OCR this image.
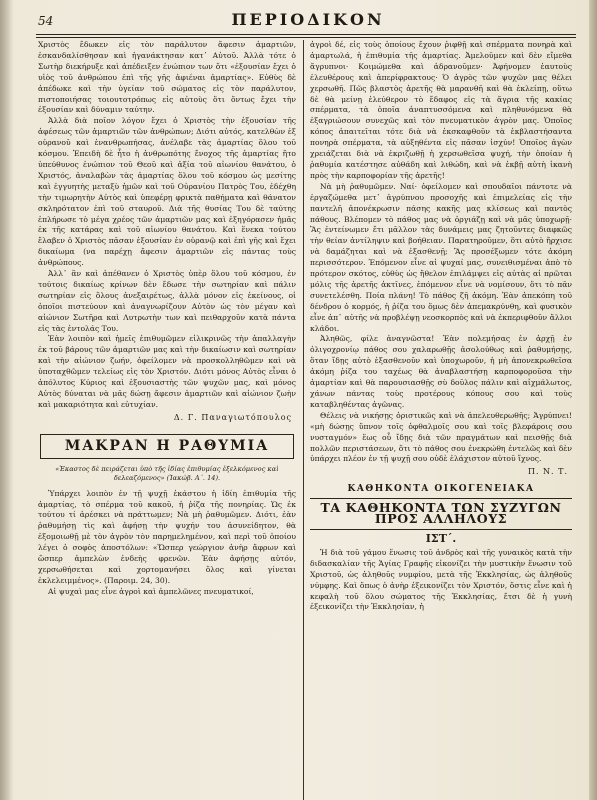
54	ΠΕΡΙΟΔΙΚΟΝ

Χριστὸς ἔδωκεν εἰς τὸν παράλυτον ἄφεσιν ἁμαρτιῶν, ἐσκανδαλίσθησαν καὶ ἠγανάκτησαν κατ᾽ Αὐτοῦ. Ἀλλὰ τότε ὁ Σωτὴρ διεκήρυξε καὶ ἀπέδειξεν ἐνώπιον των ὅτι «ἐξουσίαν ἔχει ὁ υἱὸς τοῦ ἀνθρώπου ἐπὶ τῆς γῆς ἀφιέναι ἁμαρτίας». Εὐθὺς δὲ ἀπέδωκε καὶ τὴν ὑγείαν τοῦ σώματος εἰς τὸν παράλυτον, πιστοποιήσας τοιουτοτρόπως εἰς αὐτοὺς ὅτι ὄντως ἔχει τὴν ἐξουσίαν καὶ δύναμιν ταύτην.

Ἀλλὰ διὰ ποῖον λόγον ἔχει ὁ Χριστὸς τὴν ἐξουσίαν τῆς ἀφέσεως τῶν ἁμαρτιῶν τῶν ἀνθρώπων; Διότι αὐτός, κατελθὼν ἐξ οὐρανοῦ καὶ ἐνανθρωπήσας, ἀνέλαβε τὰς ἁμαρτίας ὅλου τοῦ κόσμου. Ἐπειδὴ δὲ ἦτο ἡ ἀνθρωπότης ἔνοχος τῆς ἁμαρτίας ἥτο ὑπεύθυνος ἐνώπιον τοῦ Θεοῦ καὶ ἀξία τοῦ αἰωνίου θανάτου, ὁ Χριστός, ἀναλαβὼν τὰς ἁμαρτίας ὅλου τοῦ κόσμου ὡς μεσίτης καὶ ἐγγυητὴς μεταξὺ ἡμῶν καὶ τοῦ Οὐρανίου Πατρὸς Του, ἐδέχθη τὴν τιμωρητὴν Αὐτὸς καὶ ὑπεφέρῃ φρικτὰ παθήματα καὶ θάνατον σκληρότατον ἐπὶ τοῦ σταυροῦ. Διὰ τῆς θυσίας Του δὲ ταύτης ἐπλήρωσε τὸ μέγα χρέος τῶν ἁμαρτιῶν μας καὶ ἐξηγόρασεν ἡμᾶς ἐκ τῆς κατάρας καὶ τοῦ αἰωνίου θανάτου. Καὶ ἕνεκα τούτου ἔλαβεν ὁ Χριστὸς πᾶσαν ἐξουσίαν ἐν οὐρανῷ καὶ ἐπὶ γῆς καὶ ἔχει δικαίωμα (να παρέχῃ ἄφεσιν ἁμαρτιῶν εἰς πάντας τοὺς ἀνθρώπους.

Ἀλλ᾽ ἂν καὶ ἀπέθανεν ὁ Χριστὸς ὑπὲρ ὅλου τοῦ κόσμου, ἐν τούτοις δικαίως κρίνων δὲν ἔδωσε τὴν σωτηρίαν καὶ πάλιν σωτηρίαν εἰς ὅλους ἀνεξαιρέτως, ἀλλὰ μόνον εἰς ἐκείνους, οἱ ὁποῖοι πιστεύουν καὶ ἀναγνωρίζουν Αὐτὸν ὡς τὸν μέγαν καὶ αἰώνιον Σωτῆρα καὶ Λυτρωτὴν των καὶ πειθαρχοῦν κατὰ πάντα εἰς τὰς ἐντολάς Του.

Ἐὰν λοιπὸν καὶ ἡμεῖς ἐπιθυμῶμεν εἰλικρινῶς τὴν ἀπαλλαγὴν ἐκ τοῦ βάρους τῶν ἁμαρτιῶν μας καὶ τὴν δικαίωσιν καὶ σωτηρίαν καὶ τὴν αἰώνιον ζωήν, ὀφείλομεν νὰ προσκολληθῶμεν καὶ νὰ ὑποταχθῶμεν τελείως εἰς τὸν Χριστόν. Διότι μόνος Αὐτὸς εἶναι ὁ ἀπόλυτος Κύριος καὶ ἐξουσιαστὴς τῶν ψυχῶν μας, καὶ μόνος Αὐτὸς δύναται νὰ μᾶς δώσῃ ἄφεσιν ἁμαρτιῶν καὶ αἰώνιον ζωὴν καὶ μακαριότητα καὶ εὐτυχίαν.

Δ. Γ. Παναγιωτόπουλος
ΜΑΚΡΑΝ Η ΡΑΘΥΜΙΑ
«Ἐκαστος δὲ πειράζεται ὑπὸ τῆς ἰδίας ἐπιθυμίας ἐξελκόμενος καὶ δελεαζόμενος» (Ἰακώβ. Α΄. 14).

Ὑπάρχει λοιπὸν ἐν τῇ ψυχῇ ἑκάστου ἡ ἰδίη ἐπιθυμία τῆς ἁμαρτίας, τὸ σπέρμα τοῦ κακοῦ, ἡ ῥίζα τῆς πονηρίας. Ὡς ἐκ τούτου τί ἀρέσκει νὰ πράττωμεν; Νὰ μὴ ῥαθυμῶμεν. Διότι, ἐὰν ῥαθυμήσῃ τὶς καὶ ἀφήσῃ τὴν ψυχήν του ἀσυνείδητον, θὰ ἐξομοιωθῇ μὲ τὸν ἀγρὸν τὸν παρημελημένον, καὶ περὶ τοῦ ὁποίου λέγει ὁ σοφὸς ἀποστόλων: «Ὥσπερ γεώργιον ἀνὴρ ἄφρων καὶ ὥσπερ ἀμπελὼν ἐνδεὴς φρενῶν. Ἐὰν ἀφήσῃς αὐτόν, χερσωθήσεται καὶ χορτομανήσει ὅλος καὶ γίνεται ἐκλελειμμένος». (Παροιμ. 24, 30).

Αἱ ψυχαὶ μας εἶνε ἀγροὶ καὶ ἀμπελῶνες πνευματικοί,

ἀγροὶ δέ, εἰς τοὺς ὁποίους ἔχουν ῥιφθῇ καὶ σπέρματα πονηρὰ καὶ ἁμαρτωλά, ἡ ἐπιθυμία τῆς ἁμαρτίας. Ἀμελοῦμεν καὶ δὲν εἴμεθα ἄγρυπνοι· Κοιμώμεθα καὶ ἀδρανοῦμεν· Ἀφήνομεν ἑαυτοὺς ἐλευθέρους καὶ ἀπερίφρακτους· Ὁ ἀγρὸς τῶν ψυχῶν μας θέλει χερσωθῆ. Πῶς βλαστὸς ἀρετῆς θὰ μαρανθῆ καὶ θὰ ἐκλείπῃ, οὕτω δὲ θὰ μείνῃ ἐλεύθερον τὸ ἔδαφος εἰς τὰ ἄγρια τῆς κακίας σπέρματα, τὰ ὁποῖα ἀναπτυσσόμενα καὶ πληθυνόμενα θὰ ἐξαγριώσουν συνεχῶς καὶ τὸν πνευματικὸν ἀγρὸν μας. Ὁποῖος κόπος ἀπαιτεῖται τότε διὰ νὰ ἐκσκαφθοῦν τὰ ἐκβλαστήσαντα πονηρὰ σπέρματα, τὰ αὐξηθέντα εἰς πᾶσαν ἰσχύν! Ὁποῖος ἀγὼν χρειάζεται διὰ νὰ ἐκριζωθῇ ἡ χερσωθεῖσα ψυχή, τὴν ὁποίαν ἡ ῥαθυμία κατέστησε αὐθάδη καὶ λιθώδη, καὶ νὰ ἐκβῇ αὐτὴ ἱκανὴ πρὸς τὴν καρποφορίαν τῆς ἀρετῆς!

Νὰ μὴ ῥαθυμῶμεν. Ναί· ὀφείλομεν καὶ σπουδαῖοι πάντοτε νὰ ἐργαζώμεθα μετ᾽ ἀγρύπνου προσοχῆς καὶ ἐπιμελείας εἰς τὴν παντελῆ ἀπονέκρωσιν πάσης κακῆς μας κλίσεως καὶ παντὸς πάθους. Βλέπομεν τὸ πάθος μας νὰ ὀργιάζῃ καὶ νὰ μᾶς ὑποχωρῇ· Ἂς ἐντείνωμεν ἔτι μᾶλλον τὰς δυνάμεις μας ζητοῦντες διαφκῶς τὴν θείαν ἀντίληψιν καὶ βοήθειαν. Παρατηροῦμεν, ὅτι αὐτὸ ἤρχισε νὰ δαμάζηται καὶ νὰ ἐξασθενῇ; Ἂς προσέξωμεν τότε ἀκόμη περισσότερον. Ἐπόμενον εἶνε αἱ ψυχαί μας, συνειθισμέναι ἀπὸ τὸ πρότερον σκότος, εὐθὺς ὡς ἤθελον ἐπιλάμψει εἰς αὐτὰς αἱ πρῶται μόλις τῆς ἀρετῆς ἀκτῖνες, ἐπόμενον εἶνε νὰ νομίσουν, ὅτι τὸ πᾶν συνετελέσθη. Ποία πλάνη! Τὸ πάθος ζῆ ἀκόμη. Ἐὰν ἀπεκόπη τοῦ δένδρου ὁ κορμός, ἡ ῥίζα του ὅμως δὲν ἀπεμακρύνθη, καὶ φυσικὸν εἶνε ἀπ᾽ αὐτῆς νὰ προβλέψῃ νεοσκορπὸς καὶ νὰ ἐκπεριφθοῦν ἄλλοι κλάδοι.

Ἀληθῶς, φίλε ἀναγνῶστα! Ἐὰν πολεμήσας ἐν ἀρχῇ ἐν ὀλιγοχρονίῳ πάθος σου χαλαρωθῇς ἀσολούθως καὶ ῥαθυμήσῃς, ὅταν ἴδῃς αὐτὸ ἐξασθενοῦν καὶ ὑποχωροῦν, ἡ μὴ ἀπονεκρωθεῖσα ἀκόμη ῥίζα του ταχέως θὰ ἀναβλαστήσῃ καρποφοροῦσα τὴν ἁμαρτίαν καὶ θὰ παρουσιασθῇς σὺ δοῦλος πάλιν καὶ αἰχμάλωτος, χάνων πάντας τοὺς προτέρους κόπους σου καὶ τοὺς καταβληθέντας ἀγῶνας.

Θέλεις νὰ νικήσῃς ὁριστικῶς καὶ νὰ ἀπελευθερωθῆς; Ἀγρύπνει! «μὴ δώσῃς ὕπνον τοῖς ὀφθαλμοῖς σου καὶ τοῖς βλεφάροις σου νυσταγμόν» ἕως οὗ ἴδῃς διὰ τῶν πραγμάτων καὶ πεισθῇς διὰ πολλῶν περιστάσεων, ὅτι τὸ πάθος σου ἐνεκρώθη ἐντελῶς καὶ δὲν ὑπάρχει πλέον ἐν τῇ ψυχῇ σου οὐδὲ ἐλάχιστον αὐτοῦ ἴχνος.

Π. Ν. Τ.
ΚΑΘΗΚΟΝΤΑ ΟΙΚΟΓΕΝΕΙΑΚΑ
ΤΑ ΚΑΘΗΚΟΝΤΑ ΤΩΝ ΣΥΖΥΓΩΝ ΠΡΟΣ ΑΛΛΗΛΟΥΣ
ΙΣΤ΄.

Ἡ διὰ τοῦ γάμου ἕνωσις τοῦ ἀνδρὸς καὶ τῆς γυναικὸς κατὰ τὴν διδασκαλίαν τῆς Ἁγίας Γραφῆς εἰκονίζει τὴν μυστικὴν ἕνωσιν τοῦ Χριστοῦ, ὡς ἀληθοῦς νυμφίου, μετὰ τῆς Ἐκκλησίας, ὡς ἀληθοῦς νύμφης. Καὶ ὅπως ὁ ἀνὴρ ἐξεικονίζει τὸν Χριστόν, ὅστις εἶνε καὶ ἡ κεφαλὴ τοῦ ὅλου σώματος τῆς Ἐκκλησίας, ἔτσι δὲ ἡ γυνὴ ἐξεικονίζει τὴν Ἐκκλησίαν, ἡ
